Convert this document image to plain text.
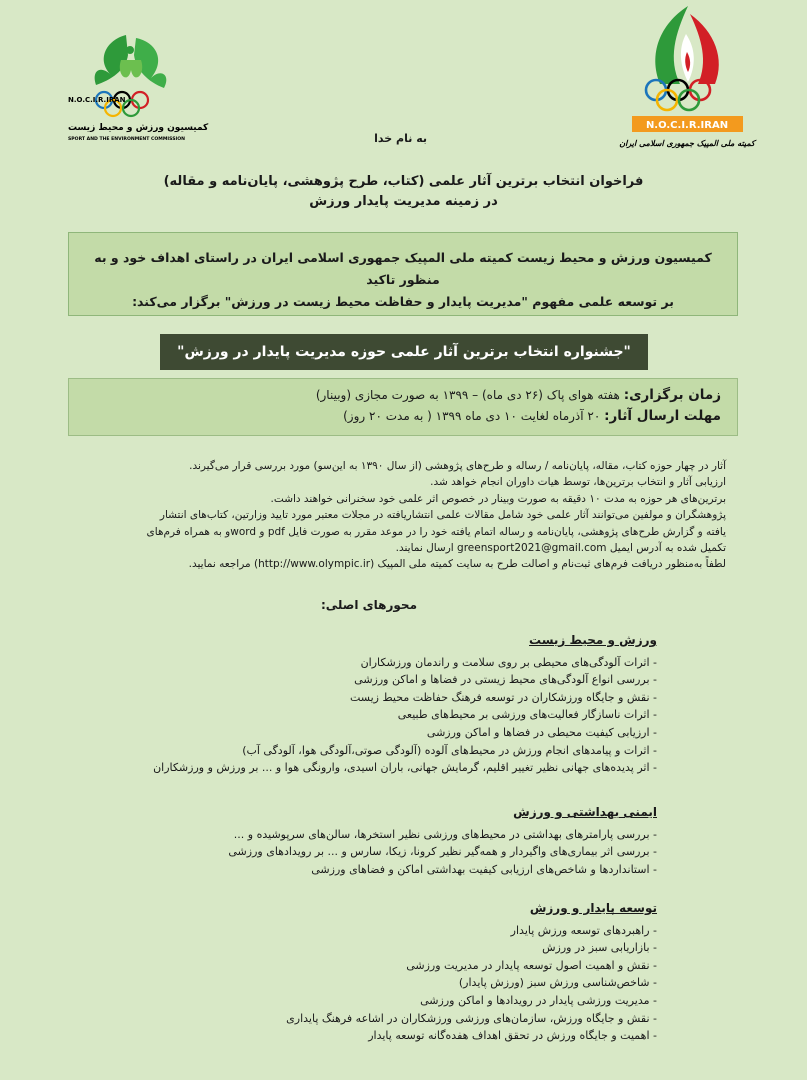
N.O.C.I.R.IRAN
کمیسیون ورزش و محیط زیست
SPORT AND THE ENVIRONMENT COMMISSION
N.O.C.I.R.IRAN
کمیته ملی المپیک جمهوری اسلامی ایران
به نام خدا
فراخوان انتخاب برترین آثار علمی (کتاب، طرح پژوهشی، پایان‌نامه و مقاله)
در زمینه مدیریت پایدار ورزش
کمیسیون ورزش و محیط زیست کمیته ملی المپیک جمهوری اسلامی ایران در راستای اهداف خود و به منظور تاکید
بر توسعه علمی مفهوم "مدیریت پایدار و حفاظت محیط زیست در ورزش" برگزار می‌کند:
"جشنواره انتخاب برترین آثار علمی حوزه مدیریت پایدار در ورزش"
زمان برگزاری: هفته هوای پاک (۲۶ دی ماه) – ۱۳۹۹ به صورت مجازی (وبینار)
مهلت ارسال آثار: ۲۰ آذرماه لغایت ۱۰ دی ماه ۱۳۹۹ ( به مدت ۲۰ روز)

آثار در چهار حوزه کتاب، مقاله، پایان‌نامه / رساله و طرح‌های پژوهشی (از سال ۱۳۹۰ به این‌سو) مورد بررسی قرار می‌گیرند.

ارزیابی آثار و انتخاب برترین‌ها، توسط هیات داوران انجام خواهد شد.

برترین‌های هر حوزه به مدت ۱۰ دقیقه به صورت وبینار در خصوص اثر علمی خود سخنرانی خواهند داشت.

پژوهشگران و مولفین می‌توانند آثار علمی خود شامل مقالات علمی انتشاریافته در مجلات معتبر مورد تایید وزارتین، کتاب‌های انتشار

یافته و گزارش طرح‌های پژوهشی، پایان‌نامه و رساله اتمام یافته خود را در موعد مقرر به صورت فایل pdf و wordو به همراه فرم‌های

تکمیل شده به آدرس ایمیل greensport2021@gmail.com ارسال نمایند.

لطفاً به‌منظور دریافت فرم‌های ثبت‌نام و اصالت طرح به سایت کمیته ملی المپیک (http://www.olympic.ir) مراجعه نمایید.

محورهای اصلی:
ورزش و محیط زیست

- اثرات آلودگی‌های محیطی بر روی سلامت و راندمان ورزشکاران

- بررسی انواع آلودگی‌های محیط زیستی در فضاها و اماکن ورزشی

- نقش و جایگاه ورزشکاران در توسعه فرهنگ حفاظت محیط زیست

- اثرات ناسازگار فعالیت‌های ورزشی بر محیط‌های طبیعی

- ارزیابی کیفیت محیطی در فضاها و اماکن ورزشی

- اثرات و پیامدهای انجام ورزش در محیط‌های آلوده (آلودگی صوتی،آلودگی هوا، آلودگی آب)

- اثر پدیده‌های جهانی نظیر تغییر اقلیم، گرمایش جهانی، باران اسیدی، وارونگی هوا و ... بر ورزش و ورزشکاران

ایمنی بهداشتی و ورزش

- بررسی پارامترهای بهداشتی در محیط‌های ورزشی نظیر استخرها، سالن‌های سرپوشیده و ...

- بررسی اثر بیماری‌های واگیردار و همه‌گیر نظیر کرونا، زیکا، سارس و ... بر رویدادهای ورزشی

- استانداردها و شاخص‌های ارزیابی کیفیت بهداشتی اماکن و فضاهای ورزشی

توسعه پایدار و ورزش

- راهبردهای توسعه ورزش پایدار

- بازاریابی سبز در ورزش

- نقش و اهمیت اصول توسعه پایدار در مدیریت ورزشی

- شاخص‌شناسی ورزش سبز (ورزش پایدار)

- مدیریت ورزشی پایدار در رویدادها و اماکن ورزشی

- نقش و جایگاه ورزش، سازمان‌های ورزشی ورزشکاران در اشاعه فرهنگ پایداری

- اهمیت و جایگاه ورزش در تحقق اهداف هفده‌گانه توسعه پایدار
